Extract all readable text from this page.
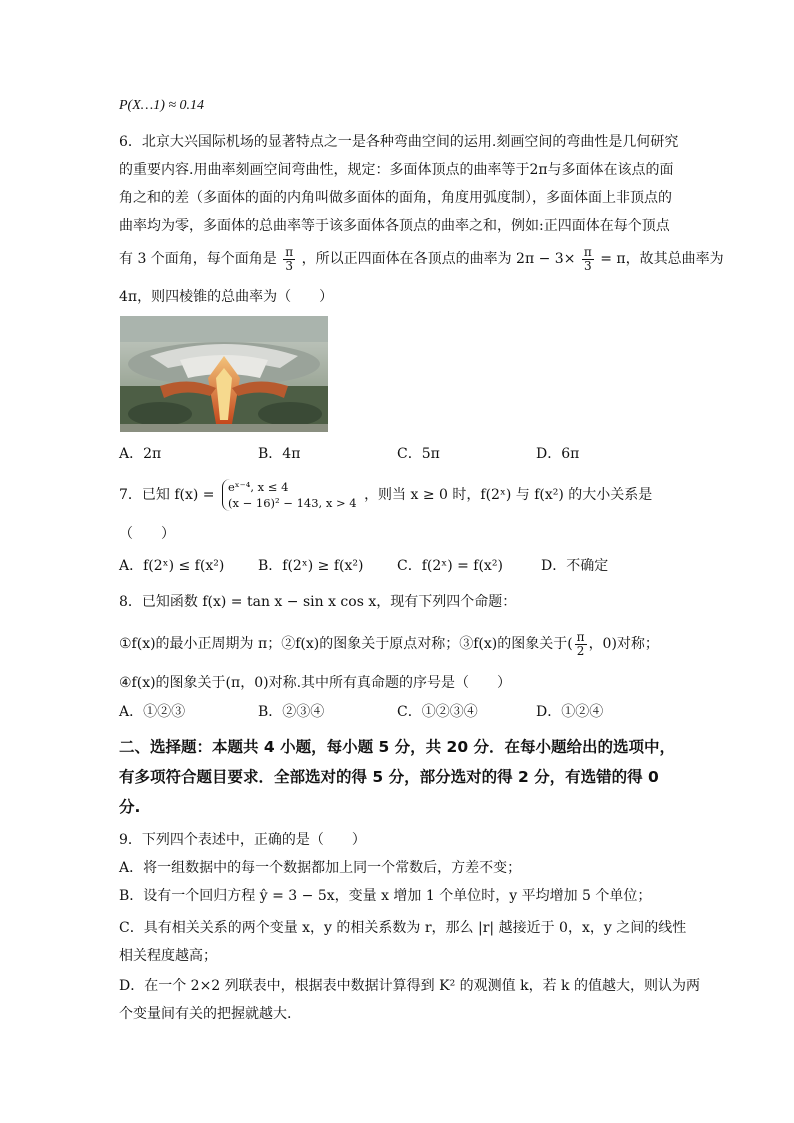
P(X…1) ≈ 0.14
6．北京大兴国际机场的显著特点之一是各种弯曲空间的运用.刻画空间的弯曲性是几何研究
的重要内容.用曲率刻画空间弯曲性，规定：多面体顶点的曲率等于2π与多面体在该点的面
角之和的差（多面体的面的内角叫做多面体的面角，角度用弧度制），多面体面上非顶点的
曲率均为零，多面体的总曲率等于该多面体各顶点的曲率之和，例如:正四面体在每个顶点
有 3 个面角，每个面角是 $\frac{\pi}{3}$ ，所以正四面体在各顶点的曲率为 $2\pi - 3\times \frac{\pi}{3} = \pi$，故其总曲率为
4π，则四棱锥的总曲率为（　　）
A．2π	B．4π	C．5π	D．6π
7．已知 f(x) = eˣ⁻⁴, x ≤ 4
(x − 16)² − 143, x > 4 ，则当 x ≥ 0 时，f(2ˣ) 与 f(x²) 的大小关系是
（　　）
A．f(2ˣ) ≤ f(x²) B．f(2ˣ) ≥ f(x²) C．f(2ˣ) = f(x²)	D．不确定
8．已知函数 f(x) = tan x − sin x cos x，现有下列四个命题：
①f(x)的最小正周期为 π；②f(x)的图象关于原点对称；③f(x)的图象关于( $\frac{\pi}{2}$ ，0)对称；
④f(x)的图象关于(π，0)对称.其中所有真命题的序号是（　　）
A．①②③	B．②③④	C．①②③④	D．①②④
二、选择题：本题共 4 小题，每小题 5 分，共 20 分．在每小题给出的选项中，
有多项符合题目要求．全部选对的得 5 分，部分选对的得 2 分，有选错的得 0
分.
9．下列四个表述中，正确的是（　　）
A．将一组数据中的每一个数据都加上同一个常数后，方差不变；
B．设有一个回归方程 ŷ = 3 − 5x，变量 x 增加 1 个单位时，y 平均增加 5 个单位；
C．具有相关关系的两个变量 x，y 的相关系数为 r，那么 |r| 越接近于 0，x，y 之间的线性
相关程度越高；
D．在一个 2×2 列联表中，根据表中数据计算得到 K² 的观测值 k，若 k 的值越大，则认为两
个变量间有关的把握就越大.
